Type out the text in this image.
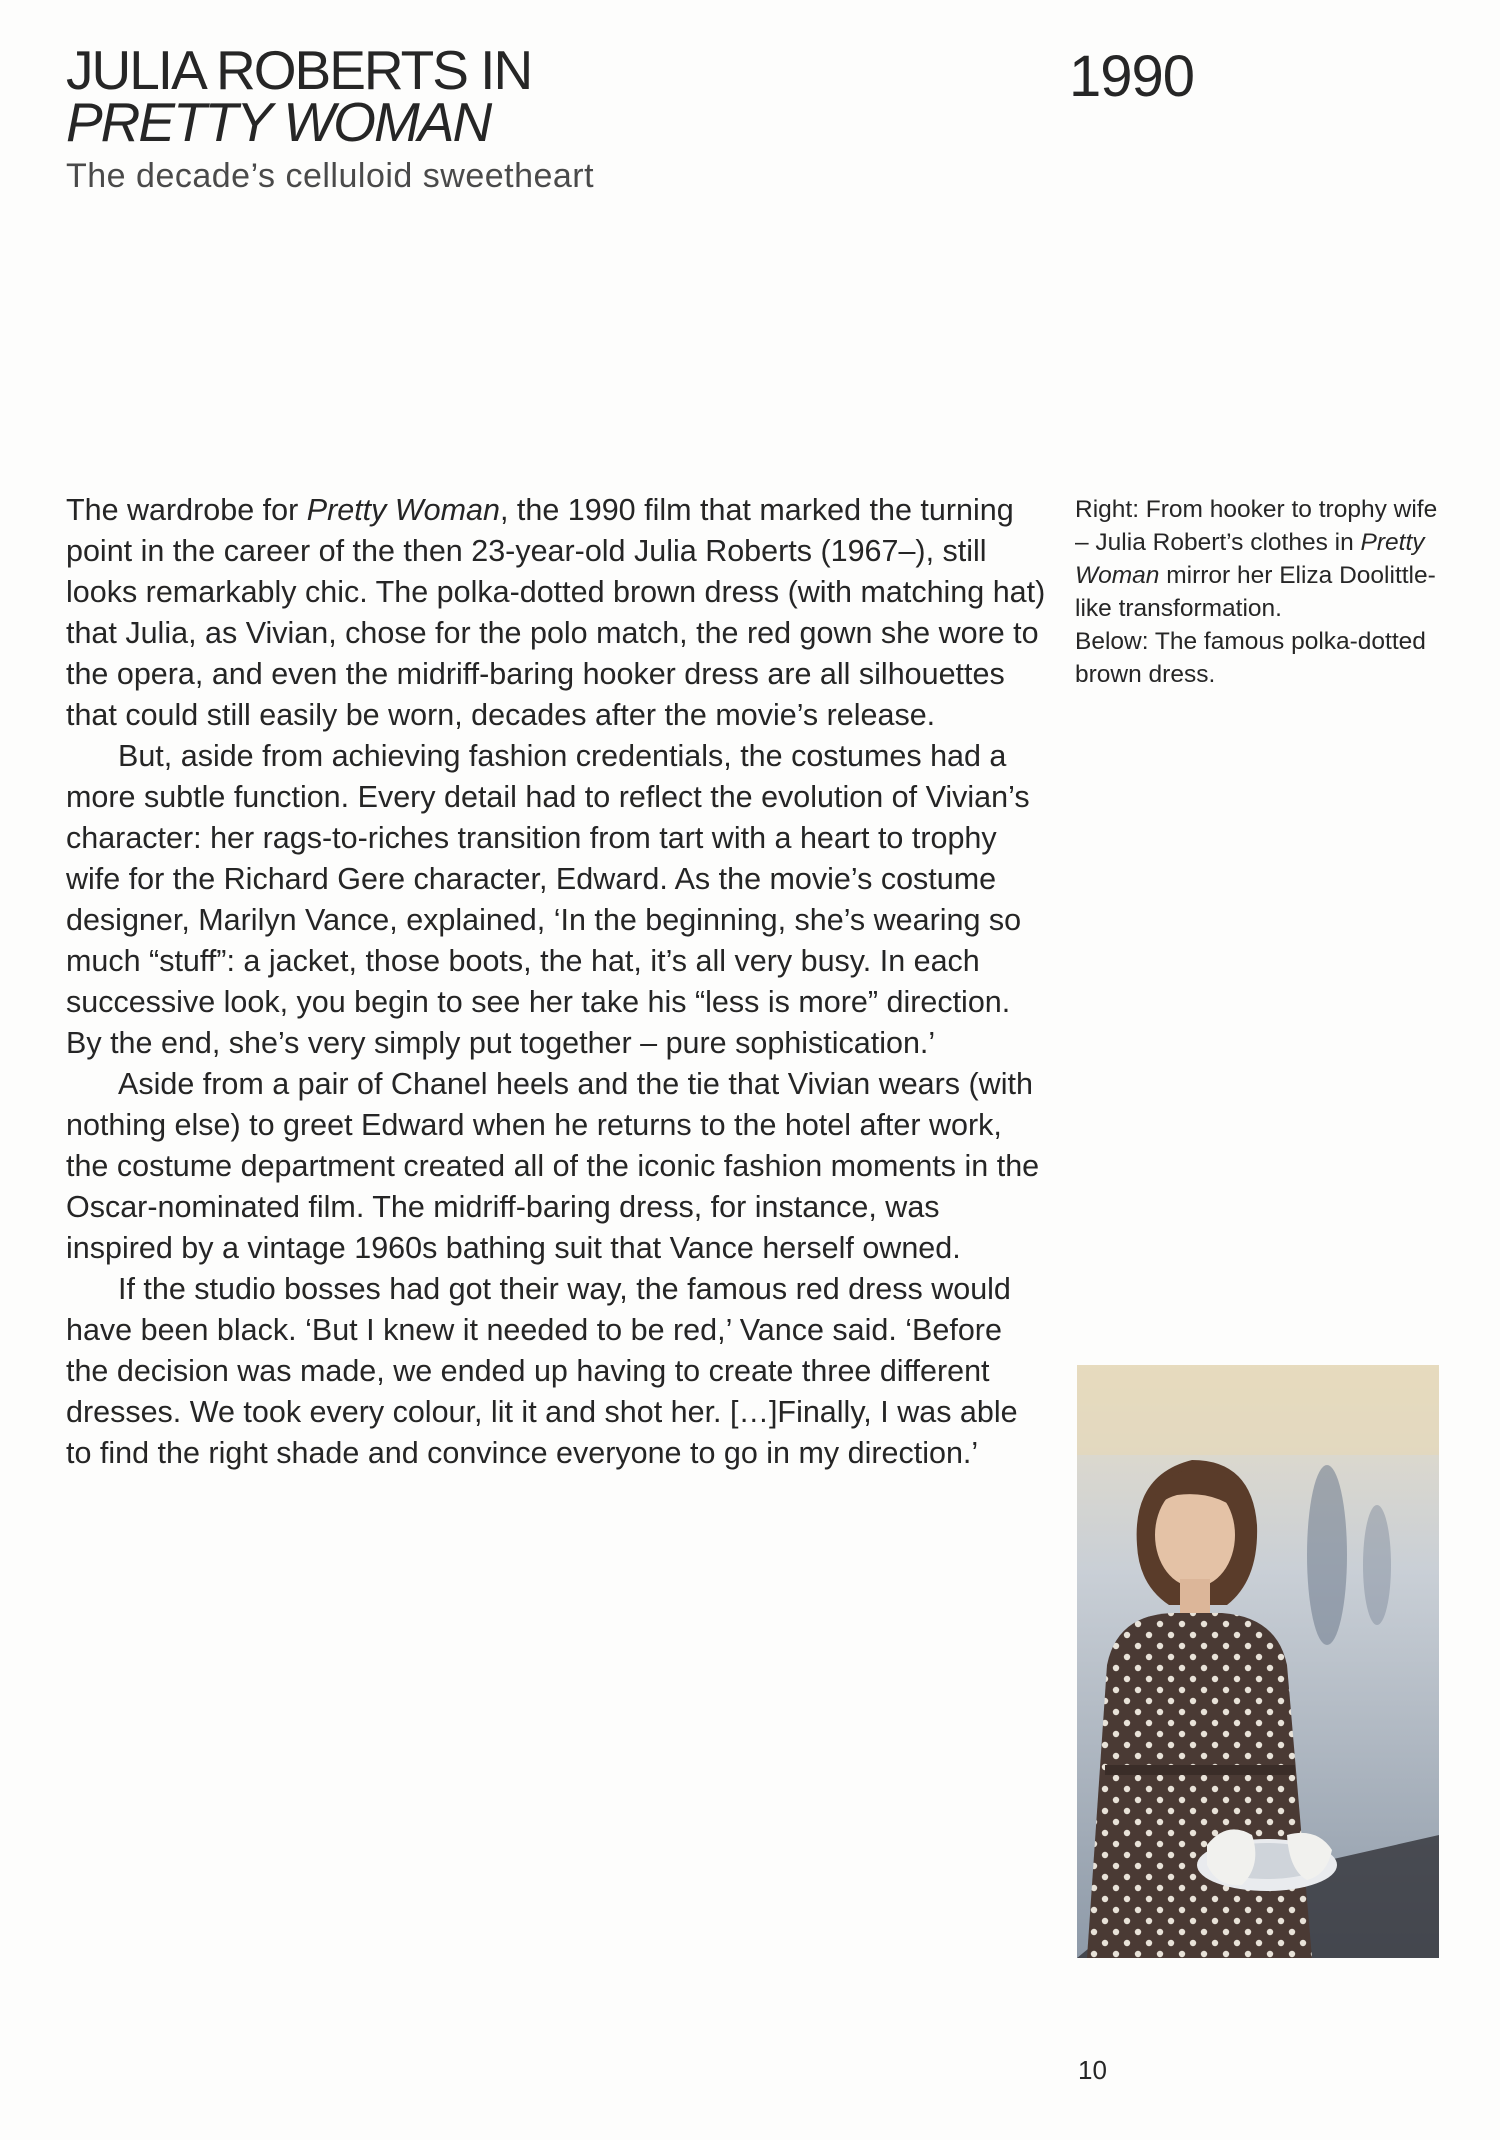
JULIA ROBERTS IN
PRETTY WOMAN
The decade’s celluloid sweetheart
1990

The wardrobe for Pretty Woman, the 1990 film that marked the turning point in the career of the then 23-year-old Julia Roberts (1967–), still looks remarkably chic. The polka-dotted brown dress (with matching hat) that Julia, as Vivian, chose for the polo match, the red gown she wore to the opera, and even the midriff-baring hooker dress are all silhouettes that could still easily be worn, decades after the movie’s release.

But, aside from achieving fashion credentials, the costumes had a more subtle function. Every detail had to reflect the evolution of Vivian’s character: her rags-to-riches transition from tart with a heart to trophy wife for the Richard Gere character, Edward. As the movie’s costume designer, Marilyn Vance, explained, ‘In the beginning, she’s wearing so much “stuff”: a jacket, those boots, the hat, it’s all very busy. In each successive look, you begin to see her take his “less is more” direction. By the end, she’s very simply put together – pure sophistication.’

Aside from a pair of Chanel heels and the tie that Vivian wears (with nothing else) to greet Edward when he returns to the hotel after work, the costume department created all of the iconic fashion moments in the Oscar-nominated film. The midriff-baring dress, for instance, was inspired by a vintage 1960s bathing suit that Vance herself owned.

If the studio bosses had got their way, the famous red dress would have been black. ‘But I knew it needed to be red,’ Vance said. ‘Before the decision was made, we ended up having to create three different dresses. We took every colour, lit it and shot her. […]Finally, I was able to find the right shade and convince everyone to go in my direction.’

Right: From hooker to trophy wife – Julia Robert’s clothes in Pretty Woman mirror her Eliza Doolittle-like transformation.

Below: The famous polka-dotted brown dress.

10
